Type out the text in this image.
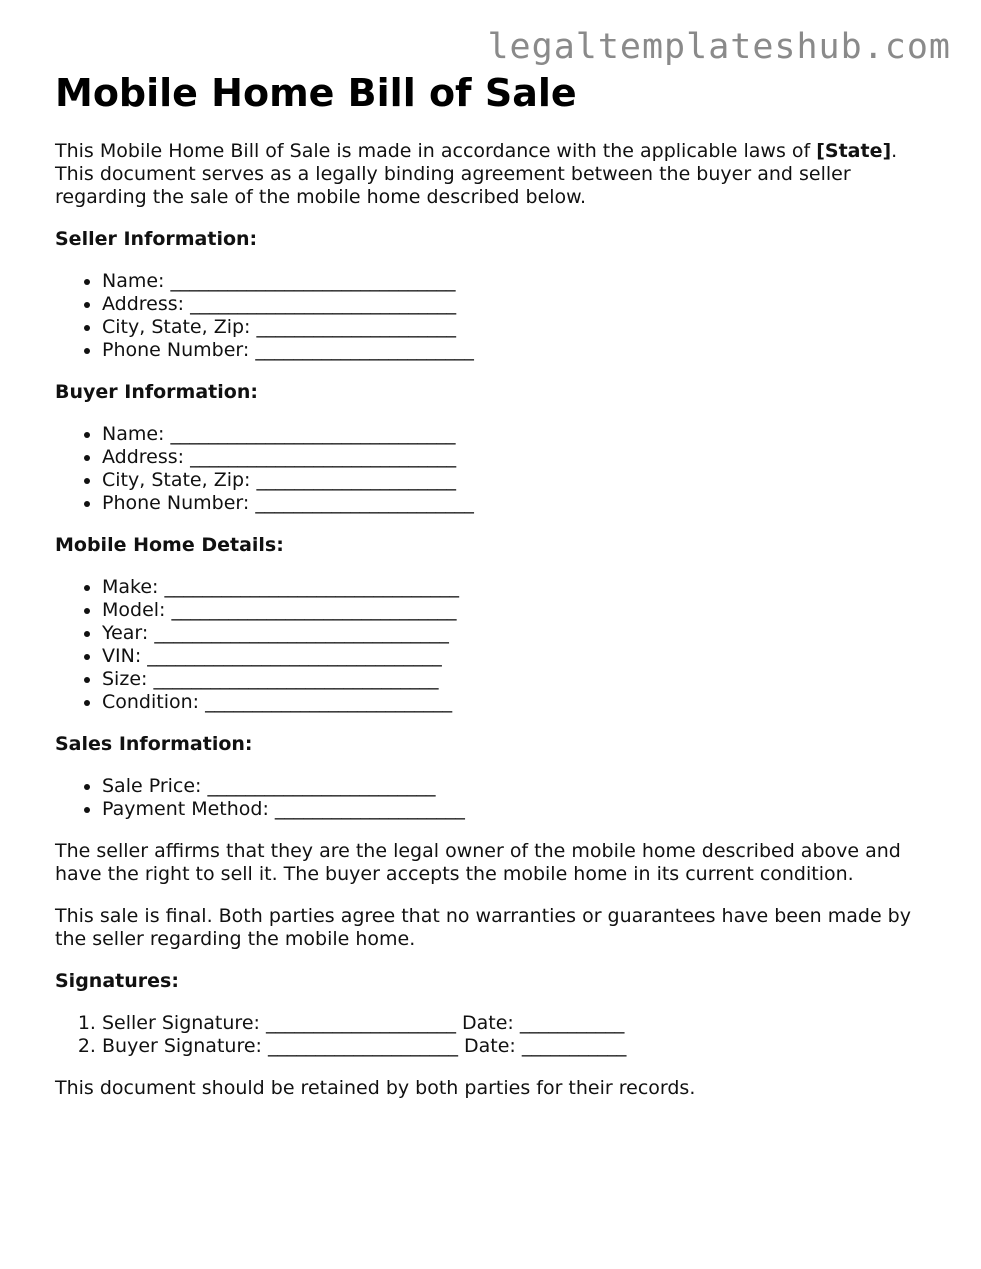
legaltemplateshub.com
Mobile Home Bill of Sale

This Mobile Home Bill of Sale is made in accordance with the applicable laws of [State]. This document serves as a legally binding agreement between the buyer and seller regarding the sale of the mobile home described below.

Seller Information:
• Name: ______________________________
• Address: ____________________________
• City, State, Zip: _____________________
• Phone Number: _______________________
Buyer Information:
• Name: ______________________________
• Address: ____________________________
• City, State, Zip: _____________________
• Phone Number: _______________________
Mobile Home Details:
• Make: _______________________________
• Model: ______________________________
• Year: _______________________________
• VIN: _______________________________
• Size: ______________________________
• Condition: __________________________
Sales Information:
• Sale Price: ________________________
• Payment Method: ____________________

The seller affirms that they are the legal owner of the mobile home described above and have the right to sell it. The buyer accepts the mobile home in its current condition.

This sale is final. Both parties agree that no warranties or guarantees have been made by the seller regarding the mobile home.

Signatures:
1. Seller Signature: ____________________ Date: ___________
2. Buyer Signature: ____________________ Date: ___________

This document should be retained by both parties for their records.
